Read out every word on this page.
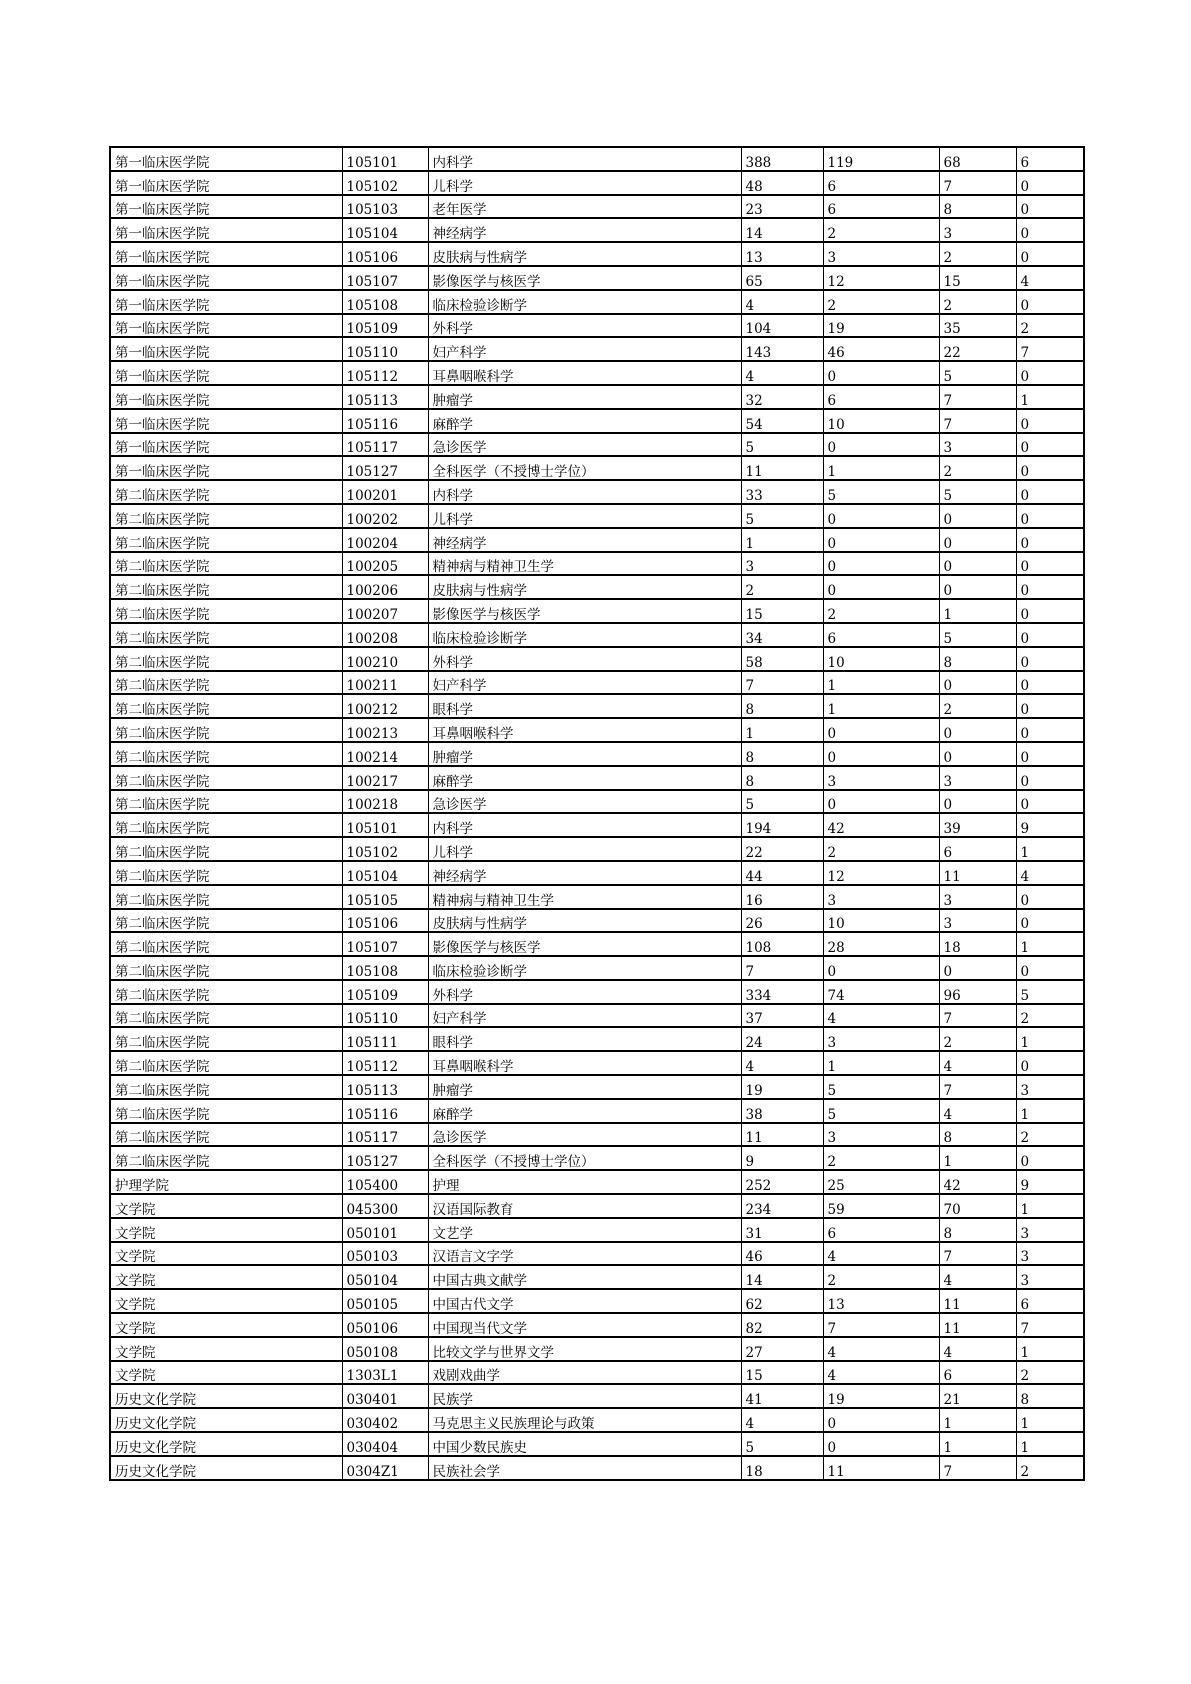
第一临床医学院	105101	内科学	388	119	68	6
第一临床医学院	105102	儿科学	48	6	7	0
第一临床医学院	105103	老年医学	23	6	8	0
第一临床医学院	105104	神经病学	14	2	3	0
第一临床医学院	105106	皮肤病与性病学	13	3	2	0
第一临床医学院	105107	影像医学与核医学	65	12	15	4
第一临床医学院	105108	临床检验诊断学	4	2	2	0
第一临床医学院	105109	外科学	104	19	35	2
第一临床医学院	105110	妇产科学	143	46	22	7
第一临床医学院	105112	耳鼻咽喉科学	4	0	5	0
第一临床医学院	105113	肿瘤学	32	6	7	1
第一临床医学院	105116	麻醉学	54	10	7	0
第一临床医学院	105117	急诊医学	5	0	3	0
第一临床医学院	105127	全科医学（不授博士学位）	11	1	2	0
第二临床医学院	100201	内科学	33	5	5	0
第二临床医学院	100202	儿科学	5	0	0	0
第二临床医学院	100204	神经病学	1	0	0	0
第二临床医学院	100205	精神病与精神卫生学	3	0	0	0
第二临床医学院	100206	皮肤病与性病学	2	0	0	0
第二临床医学院	100207	影像医学与核医学	15	2	1	0
第二临床医学院	100208	临床检验诊断学	34	6	5	0
第二临床医学院	100210	外科学	58	10	8	0
第二临床医学院	100211	妇产科学	7	1	0	0
第二临床医学院	100212	眼科学	8	1	2	0
第二临床医学院	100213	耳鼻咽喉科学	1	0	0	0
第二临床医学院	100214	肿瘤学	8	0	0	0
第二临床医学院	100217	麻醉学	8	3	3	0
第二临床医学院	100218	急诊医学	5	0	0	0
第二临床医学院	105101	内科学	194	42	39	9
第二临床医学院	105102	儿科学	22	2	6	1
第二临床医学院	105104	神经病学	44	12	11	4
第二临床医学院	105105	精神病与精神卫生学	16	3	3	0
第二临床医学院	105106	皮肤病与性病学	26	10	3	0
第二临床医学院	105107	影像医学与核医学	108	28	18	1
第二临床医学院	105108	临床检验诊断学	7	0	0	0
第二临床医学院	105109	外科学	334	74	96	5
第二临床医学院	105110	妇产科学	37	4	7	2
第二临床医学院	105111	眼科学	24	3	2	1
第二临床医学院	105112	耳鼻咽喉科学	4	1	4	0
第二临床医学院	105113	肿瘤学	19	5	7	3
第二临床医学院	105116	麻醉学	38	5	4	1
第二临床医学院	105117	急诊医学	11	3	8	2
第二临床医学院	105127	全科医学（不授博士学位）	9	2	1	0
护理学院	105400	护理	252	25	42	9
文学院	045300	汉语国际教育	234	59	70	1
文学院	050101	文艺学	31	6	8	3
文学院	050103	汉语言文字学	46	4	7	3
文学院	050104	中国古典文献学	14	2	4	3
文学院	050105	中国古代文学	62	13	11	6
文学院	050106	中国现当代文学	82	7	11	7
文学院	050108	比较文学与世界文学	27	4	4	1
文学院	1303L1	戏剧戏曲学	15	4	6	2
历史文化学院	030401	民族学	41	19	21	8
历史文化学院	030402	马克思主义民族理论与政策	4	0	1	1
历史文化学院	030404	中国少数民族史	5	0	1	1
历史文化学院	0304Z1	民族社会学	18	11	7	2
